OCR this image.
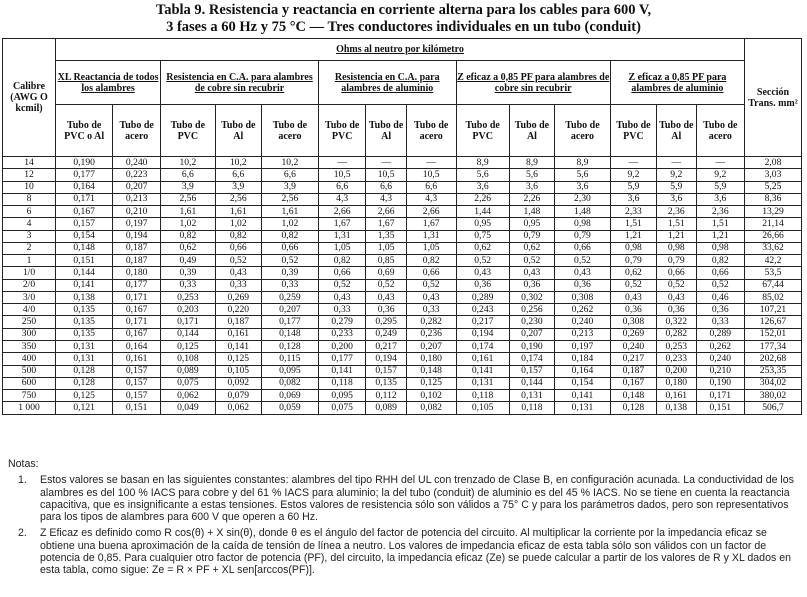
Tabla 9. Resistencia y reactancia en corriente alterna para los cables para 600 V,
3 fases a 60 Hz y 75 °C — Tres conductores individuales en un tubo (conduit)
Calibre (AWG O kcmil)	Ohms al neutro por kilómetro														Sección Trans. mm²
	XL Reactancia de todos los alambres		Resistencia en C.A. para alambres de cobre sin recubrir			Resistencia en C.A. para alambres de aluminio			Z eficaz a 0,85 PF para alambres de cobre sin recubrir			Z eficaz a 0,85 PF para alambres de aluminio			
	Tubo de PVC o Al	Tubo de acero	Tubo de PVC	Tubo de Al	Tubo de acero	Tubo de PVC	Tubo de Al	Tubo de acero	Tubo de PVC	Tubo de Al	Tubo de acero	Tubo de PVC	Tubo de Al	Tubo de acero	
14	0,190	0,240	10,2	10,2	10,2	—	—	—	8,9	8,9	8,9	—	—	—	2,08
12	0,177	0,223	6,6	6,6	6,6	10,5	10,5	10,5	5,6	5,6	5,6	9,2	9,2	9,2	3,03
10	0,164	0,207	3,9	3,9	3,9	6,6	6,6	6,6	3,6	3,6	3,6	5,9	5,9	5,9	5,25
8	0,171	0,213	2,56	2,56	2,56	4,3	4,3	4,3	2,26	2,26	2,30	3,6	3,6	3,6	8,36
6	0,167	0,210	1,61	1,61	1,61	2,66	2,66	2,66	1,44	1,48	1,48	2,33	2,36	2,36	13,29
4	0,157	0,197	1,02	1,02	1,02	1,67	1,67	1,67	0,95	0,95	0,98	1,51	1,51	1,51	21,14
3	0,154	0,194	0,82	0,82	0,82	1,31	1,35	1,31	0,75	0,79	0,79	1,21	1,21	1,21	26,66
2	0,148	0,187	0,62	0,66	0,66	1,05	1,05	1,05	0,62	0,62	0,66	0,98	0,98	0,98	33,62
1	0,151	0,187	0,49	0,52	0,52	0,82	0,85	0,82	0,52	0,52	0,52	0,79	0,79	0,82	42,2
1/0	0,144	0,180	0,39	0,43	0,39	0,66	0,69	0,66	0,43	0,43	0,43	0,62	0,66	0,66	53,5
2/0	0,141	0,177	0,33	0,33	0,33	0,52	0,52	0,52	0,36	0,36	0,36	0,52	0,52	0,52	67,44
3/0	0,138	0,171	0,253	0,269	0,259	0,43	0,43	0,43	0,289	0,302	0,308	0,43	0,43	0,46	85,02
4/0	0,135	0,167	0,203	0,220	0,207	0,33	0,36	0,33	0,243	0,256	0,262	0,36	0,36	0,36	107,21
250	0,135	0,171	0,171	0,187	0,177	0,279	0,295	0,282	0,217	0,230	0,240	0,308	0,322	0,33	126,67
300	0,135	0,167	0,144	0,161	0,148	0,233	0,249	0,236	0,194	0,207	0,213	0,269	0,282	0,289	152,01
350	0,131	0,164	0,125	0,141	0,128	0,200	0,217	0,207	0,174	0,190	0,197	0,240	0,253	0,262	177,34
400	0,131	0,161	0,108	0,125	0,115	0,177	0,194	0,180	0,161	0,174	0,184	0,217	0,233	0,240	202,68
500	0,128	0,157	0,089	0,105	0,095	0,141	0,157	0,148	0,141	0,157	0,164	0,187	0,200	0,210	253,35
600	0,128	0,157	0,075	0,092	0,082	0,118	0,135	0,125	0,131	0,144	0,154	0,167	0,180	0,190	304,02
750	0,125	0,157	0,062	0,079	0,069	0,095	0,112	0,102	0,118	0,131	0,141	0,148	0,161	0,171	380,02
1 000	0,121	0,151	0,049	0,062	0,059	0,075	0,089	0,082	0,105	0,118	0,131	0,128	0,138	0,151	506,7
Notas:
1.	Estos valores se basan en las siguientes constantes: alambres del tipo RHH del UL con trenzado de Clase B, en configuración acunada. La conductividad de los alambres es del 100 % IACS para cobre y del 61 % IACS para aluminio; la del tubo (conduit) de aluminio es del 45 % IACS. No se tiene en cuenta la reactancia capacitiva, que es insignificante a estas tensiones. Estos valores de resistencia sólo son válidos a 75° C y para los parámetros dados, pero son representativos para los tipos de alambres para 600 V que operen a 60 Hz.
2.	Z Eficaz es definido como R cos(θ) + X sin(θ), donde θ es el ángulo del factor de potencia del circuito. Al multiplicar la corriente por la impedancia eficaz se obtiene una buena aproximación de la caída de tensión de línea a neutro. Los valores de impedancia eficaz de esta tabla sólo son válidos con un factor de potencia de 0,85. Para cualquier otro factor de potencia (PF), del circuito, la impedancia eficaz (Ze) se puede calcular a partir de los valores de R y XL dados en esta tabla, como sigue: Ze = R × PF + XL sen[arccos(PF)].
